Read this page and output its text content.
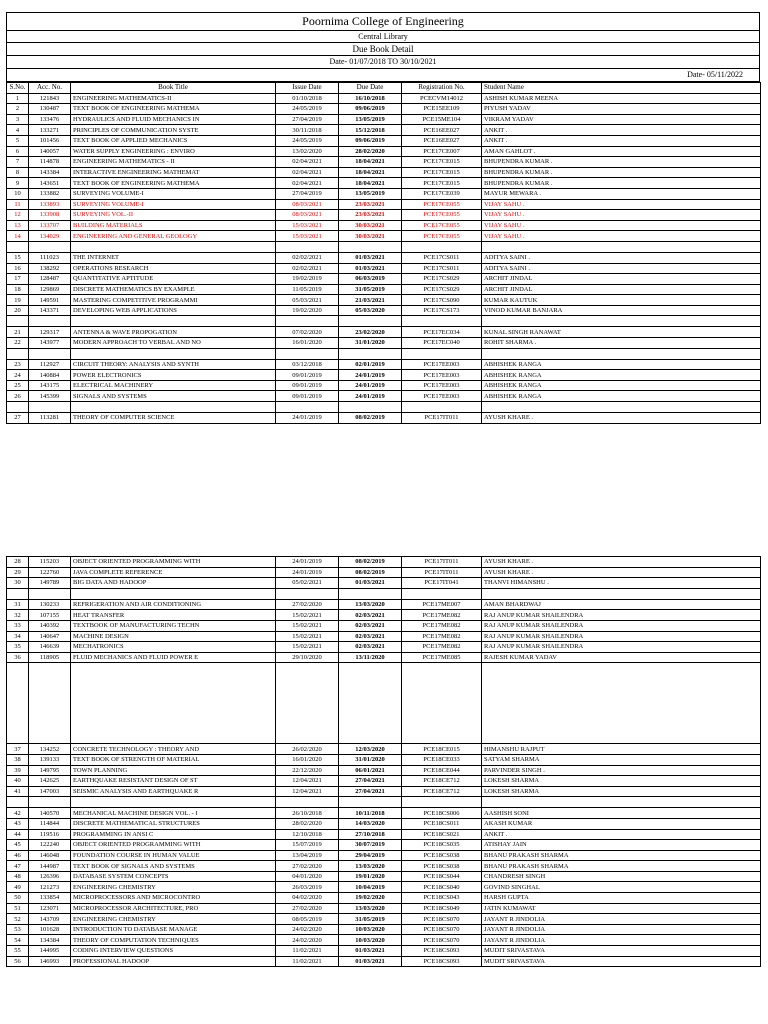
Poornima College of Engineering
Central Library
Due Book Detail
Date- 01/07/2018 TO 30/10/2021
Date- 05/11/2022
S.No.	Acc. No.	Book Title	Issue Date	Due Date	Registration No.	Student Name
1	121843	ENGINEERING MATHEMATICS-II	01/10/2018	16/10/2018	PCECVM14012	ASHISH KUMAR MEENA
2	130487	TEXT BOOK OF ENGINEERING MATHEMA	24/05/2019	09/06/2019	PCE15EE109	PIYUSH YADAV
3	133476	HYDRAULICS AND FLUID MECHANICS IN	27/04/2019	13/05/2019	PCE15ME104	VIKRAM YADAV
4	133271	PRINCIPLES OF COMMUNICATION SYSTE	30/11/2018	15/12/2018	PCE16EE027	ANKIT .
5	101456	TEXT BOOK OF APPLIED MECHANICS	24/05/2019	09/06/2019	PCE16EE027	ANKIT .
6	140057	WATER SUPPLY ENGINEERING : ENVIRO	13/02/2020	28/02/2020	PCE17CE007	AMAN GAHLOT .
7	114878	ENGINEERING MATHEMATICS - II	02/04/2021	18/04/2021	PCE17CE015	BHUPENDRA KUMAR .
8	143384	INTERACTIVE ENGINEERING MATHEMAT	02/04/2021	18/04/2021	PCE17CE015	BHUPENDRA KUMAR .
9	143651	TEXT BOOK OF ENGINEERING MATHEMA	02/04/2021	18/04/2021	PCE17CE015	BHUPENDRA KUMAR .
10	133882	SURVEYING VOLUME-I	27/04/2019	13/05/2019	PCE17CE039	MAYUR MEWARA .
11	133893	SURVEYING VOLUME-I	08/03/2021	23/03/2021	PCE17CE055	VIJAY SAHU .
12	133908	SURVEYING VOL.-II	08/03/2021	23/03/2021	PCE17CE055	VIJAY SAHU .
13	133707	BUILDING MATERIALS	15/03/2021	30/03/2021	PCE17CE055	VIJAY SAHU .
14	134029	ENGINEERING AND GENERAL GEOLOGY	15/03/2021	30/03/2021	PCE17CE055	VIJAY SAHU .

15	111023	THE INTERNET	02/02/2021	01/03/2021	PCE17CS011	ADITYA SAINI .
16	138292	OPERATIONS RESEARCH	02/02/2021	01/03/2021	PCE17CS011	ADITYA SAINI .
17	128487	QUANTITATIVE APTITUDE	19/02/2019	06/03/2019	PCE17CS029	ARCHIT JINDAL
18	129869	DISCRETE MATHEMATICS BY EXAMPLE	11/05/2019	31/05/2019	PCE17CS029	ARCHIT JINDAL
19	149591	MASTERING COMPETITIVE PROGRAMMI	05/03/2021	21/03/2021	PCE17CS090	KUMAR KAUTUK
20	143371	DEVELOPING WEB APPLICATIONS	19/02/2020	05/03/2020	PCE17CS173	VINOD KUMAR BANJARA

21	129317	ANTENNA & WAVE PROPOGATION	07/02/2020	23/02/2020	PCE17EC034	KUNAL SINGH RANAWAT
22	143977	MODERN APPROACH TO VERBAL AND NO	16/01/2020	31/01/2020	PCE17EC040	ROHIT SHARMA .

23	112927	CIRCUIT THEORY: ANALYSIS AND SYNTH	03/12/2018	02/01/2019	PCE17EE003	ABHISHEK RANGA
24	140884	POWER ELECTRONICS	09/01/2019	24/01/2019	PCE17EE003	ABHISHEK RANGA
25	143175	ELECTRICAL MACHINERY	09/01/2019	24/01/2019	PCE17EE003	ABHISHEK RANGA
26	145399	SIGNALS AND SYSTEMS	09/01/2019	24/01/2019	PCE17EE003	ABHISHEK RANGA

27	113281	THEORY OF COMPUTER SCIENCE	24/01/2019	08/02/2019	PCE17IT011	AYUSH KHARE .
28	115203	OBJECT ORIENTED PROGRAMMING WITH	24/01/2019	08/02/2019	PCE17IT011	AYUSH KHARE .
29	122760	JAVA COMPLETE REFERENCE	24/01/2019	08/02/2019	PCE17IT011	AYUSH KHARE .
30	149789	BIG DATA AND HADOOP	05/02/2021	01/03/2021	PCE17IT041	THANVI HIMANSHU .

31	130233	REFRIGERATION AND AIR CONDITIONING	27/02/2020	13/03/2020	PCE17ME007	AMAN BHARDWAJ
32	107155	HEAT TRANSFER	15/02/2021	02/03/2021	PCE17ME082	RAJ ANUP KUMAR SHAILENDRA
33	140392	TEXTBOOK OF MANUFACTURING TECHN	15/02/2021	02/03/2021	PCE17ME082	RAJ ANUP KUMAR SHAILENDRA
34	140647	MACHINE DESIGN	15/02/2021	02/03/2021	PCE17ME082	RAJ ANUP KUMAR SHAILENDRA
35	146639	MECHATRONICS	15/02/2021	02/03/2021	PCE17ME082	RAJ ANUP KUMAR SHAILENDRA
36	118905	FLUID MECHANICS AND FLUID POWER E	29/10/2020	13/11/2020	PCE17ME085	RAJESH KUMAR YADAV

37	134252	CONCRETE TECHNOLOGY : THEORY AND	26/02/2020	12/03/2020	PCE18CE015	HIMANSHU RAJPUT
38	139133	TEXT BOOK OF STRENGTH OF MATERIAL	16/01/2020	31/01/2020	PCE18CE033	SATYAM SHARMA
39	149795	TOWN PLANNING	22/12/2020	06/01/2021	PCE18CE044	PARVINDER SINGH .
40	142625	EARTHQUAKE RESISTANT DESIGN OF ST	12/04/2021	27/04/2021	PCE18CE712	LOKESH SHARMA
41	147003	SEISMIC ANALYSIS AND EARTHQUAKE R	12/04/2021	27/04/2021	PCE18CE712	LOKESH SHARMA

42	140570	MECHANICAL MACHINE DESIGN VOL. - I	26/10/2018	10/11/2018	PCE18CS006	AASHISH SONI
43	114844	DISCRETE MATHEMATICAL STRUCTURES	28/02/2020	14/03/2020	PCE18CS011	AKASH KUMAR
44	119516	PROGRAMMING IN ANSI C	12/10/2018	27/10/2018	PCE18CS021	ANKIT .
45	122240	OBJECT ORIENTED PROGRAMMING WITH	15/07/2019	30/07/2019	PCE18CS035	ATISHAY JAIN
46	146048	FOUNDATION COURSE IN HUMAN VALUE	13/04/2019	29/04/2019	PCE18CS038	BHANU PRAKASH SHARMA
47	144987	TEXT BOOK OF SIGNALS AND SYSTEMS	27/02/2020	13/03/2020	PCE18CS038	BHANU PRAKASH SHARMA
48	126396	DATABASE SYSTEM CONCEPTS	04/01/2020	19/01/2020	PCE18CS044	CHANDRESH SINGH
49	121273	ENGINEERING CHEMISTRY	26/03/2019	10/04/2019	PCE18CS040	GOVIND SINGHAL
50	133854	MICROPROCESSORS AND MICROCONTRO	04/02/2020	19/02/2020	PCE18CS043	HARSH GUPTA
51	123071	MICROPROCESSOR ARCHITECTURE, PRO	27/02/2020	13/03/2020	PCE18CS049	JATIN KUMAWAT
52	143709	ENGINEERING CHEMISTRY	08/05/2019	31/05/2019	PCE18CS070	JAYANT R JINDOLIA
53	101628	INTRODUCTION TO DATABASE MANAGE	24/02/2020	10/03/2020	PCE18CS070	JAYANT R JINDOLIA
54	134384	THEORY OF COMPUTATION TECHNIQUES	24/02/2020	10/03/2020	PCE18CS070	JAYANT R JINDOLIA
55	144995	CODING INTERVIEW QUESTIONS	11/02/2021	01/03/2021	PCE18CS093	MUDIT SRIVASTAVA
56	146993	PROFESSIONAL HADOOP	11/02/2021	01/03/2021	PCE18CS093	MUDIT SRIVASTAVA
